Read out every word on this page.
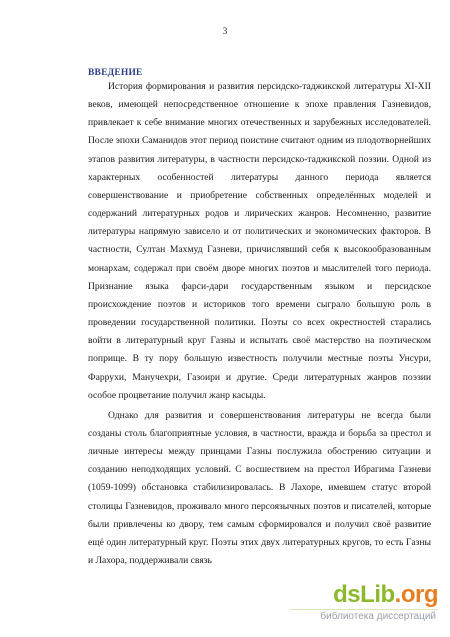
3
ВВЕДЕНИЕ

История формирования и развития персидско-таджикской литературы XI-XII веков, имеющей непосредственное отношение к эпохе правления Газневидов, привлекает к себе внимание многих отечественных и зарубежных исследователей. После эпохи Саманидов этот период поистине считают одним из плодотворнейших этапов развития литературы, в частности персидско-таджикской поэзии. Одной из характерных особенностей литературы данного периода является совершенствование и приобретение собственных определённых моделей и содержаний литературных родов и лирических жанров. Несомненно, развитие литературы напрямую зависело и от политических и экономических факторов. В частности, Султан Махмуд Газневи, причислявший себя к высокообразованным монархам, содержал при своём дворе многих поэтов и мыслителей того периода. Признание языка фарси-дари государственным языком и персидское происхождение поэтов и историков того времени сыграло большую роль в проведении государственной политики. Поэты со всех окрестностей старались войти в литературный круг Газны и испытать своё мастерство на поэтическом поприще. В ту пору большую известность получили местные поэты Унсури, Фаррухи, Манучехри, Газоири и другие. Среди литературных жанров поэзии особое процветание получил жанр касыды.

Однако для развития и совершенствования литературы не всегда были созданы столь благоприятные условия, в частности, вражда и борьба за престол и личные интересы между принцами Газны послужила обострению ситуации и созданию неподходящих условий. С восшествием на престол Ибрагима Газневи (1059-1099) обстановка стабилизировалась. В Лахоре, имевшем статус второй столицы Газневидов, проживало много персоязычных поэтов и писателей, которые были привлечены ко двору, тем самым сформировался и получил своё развитие ещё один литературный круг. Поэты этих двух литературных кругов, то есть Газны и Лахора, поддерживали связь

dsLib.org
библиотека диссертаций
